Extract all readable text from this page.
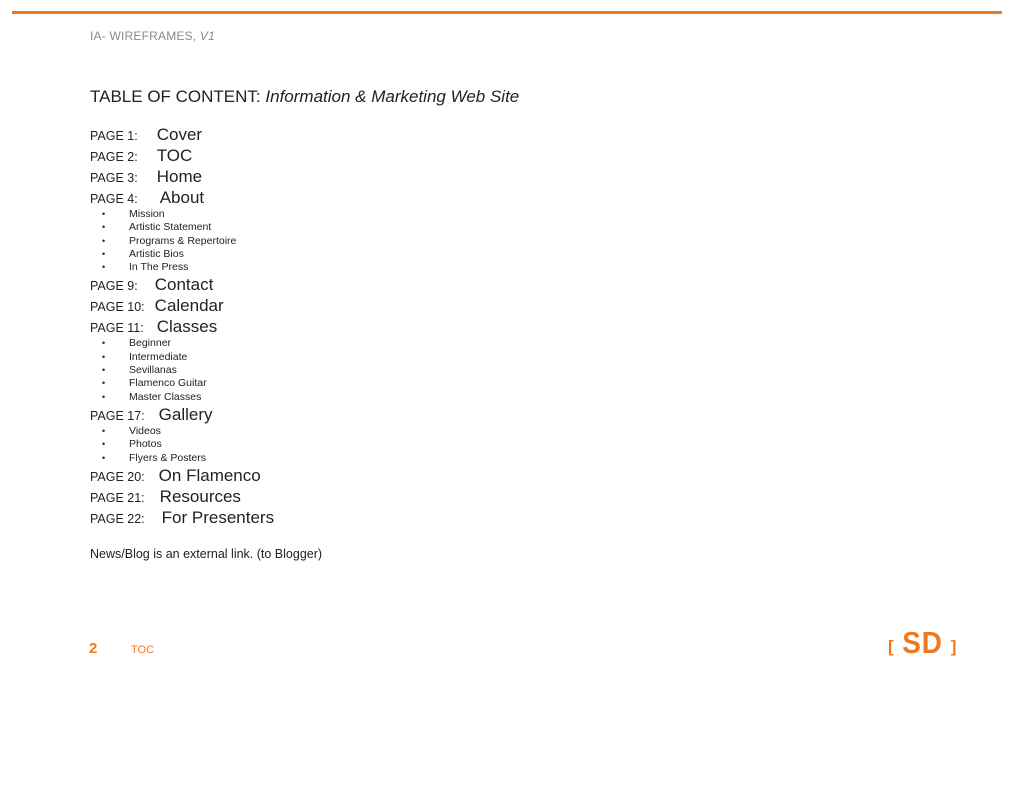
IA- WIREFRAMES, V1
TABLE OF CONTENT: Information & Marketing Web Site
PAGE 1: Cover
PAGE 2: TOC
PAGE 3: Home
PAGE 4: About
• Mission
• Artistic Statement
• Programs & Repertoire
• Artistic Bios
• In The Press
PAGE 9: Contact
PAGE 10: Calendar
PAGE 11: Classes
• Beginner
• Intermediate
• Sevillanas
• Flamenco Guitar
• Master Classes
PAGE 17: Gallery
• Videos
• Photos
• Flyers & Posters
PAGE 20: On Flamenco
PAGE 21: Resources
PAGE 22: For Presenters
News/Blog is an external link. (to Blogger)
2	TOC	[ SD ]
